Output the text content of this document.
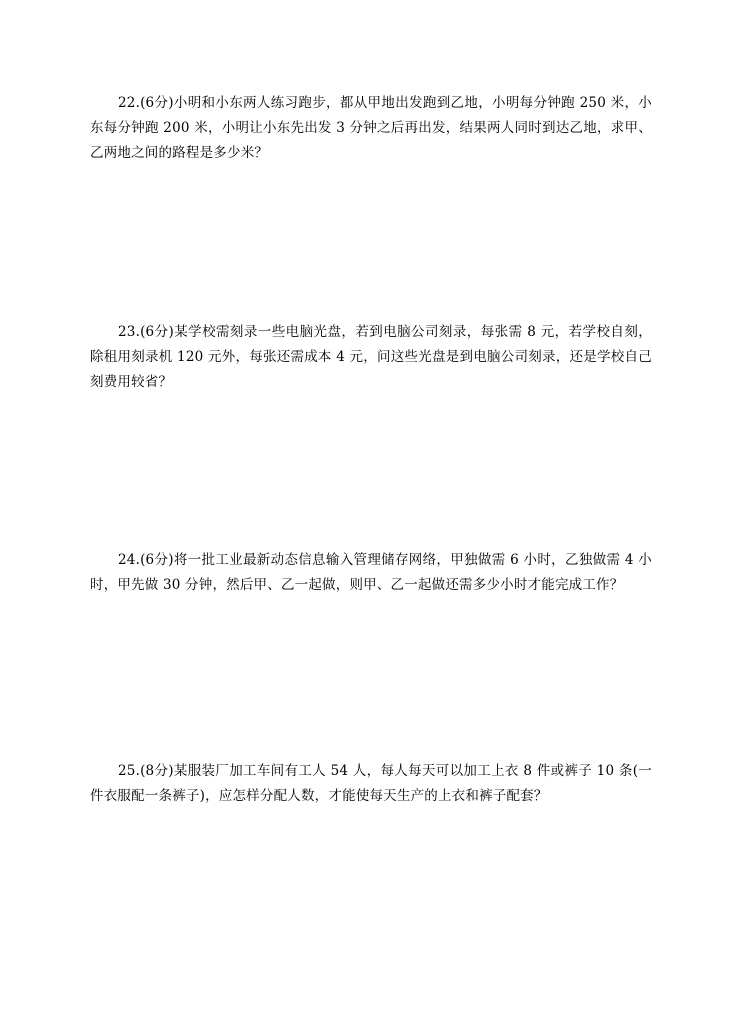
22.(6分)小明和小东两人练习跑步，都从甲地出发跑到乙地，小明每分钟跑 250 米，小东每分钟跑 200 米，小明让小东先出发 3 分钟之后再出发，结果两人同时到达乙地，求甲、乙两地之间的路程是多少米？

23.(6分)某学校需刻录一些电脑光盘，若到电脑公司刻录，每张需 8 元，若学校自刻，除租用刻录机 120 元外，每张还需成本 4 元，问这些光盘是到电脑公司刻录，还是学校自己刻费用较省？

24.(6分)将一批工业最新动态信息输入管理储存网络，甲独做需 6 小时，乙独做需 4 小时，甲先做 30 分钟，然后甲、乙一起做，则甲、乙一起做还需多少小时才能完成工作？

25.(8分)某服装厂加工车间有工人 54 人，每人每天可以加工上衣 8 件或裤子 10 条(一件衣服配一条裤子)，应怎样分配人数，才能使每天生产的上衣和裤子配套？
